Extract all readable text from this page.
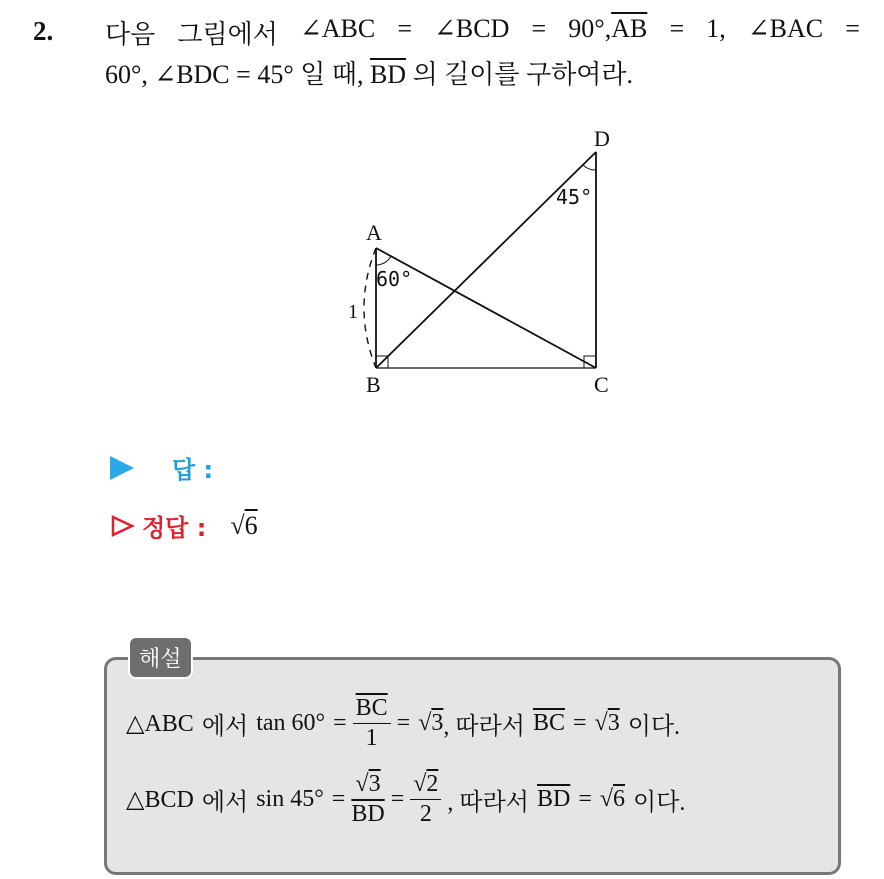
2. 다음 그림에서 ∠ABC = ∠BCD = $90^\circ,\overline{AB} = 1$, ∠BAC =
60°, ∠BDC = 45° 일 때, $\overline{BD}$ 의 길이를 구하여라.
A
B	C
D
60°
45°
1
답 :
정답 : √6
해설
△ABC 에서 $\tan 60^\circ = \frac{\overline{BC}}{1} = √3$ , 따라서 $\overline{BC} = √3$ 이다.
△BCD 에서 $\sin 45^\circ = \frac{√3}{BD} = \frac{√2}{2}$ , 따라서 $\overline{BD} = √6$ 이다.
